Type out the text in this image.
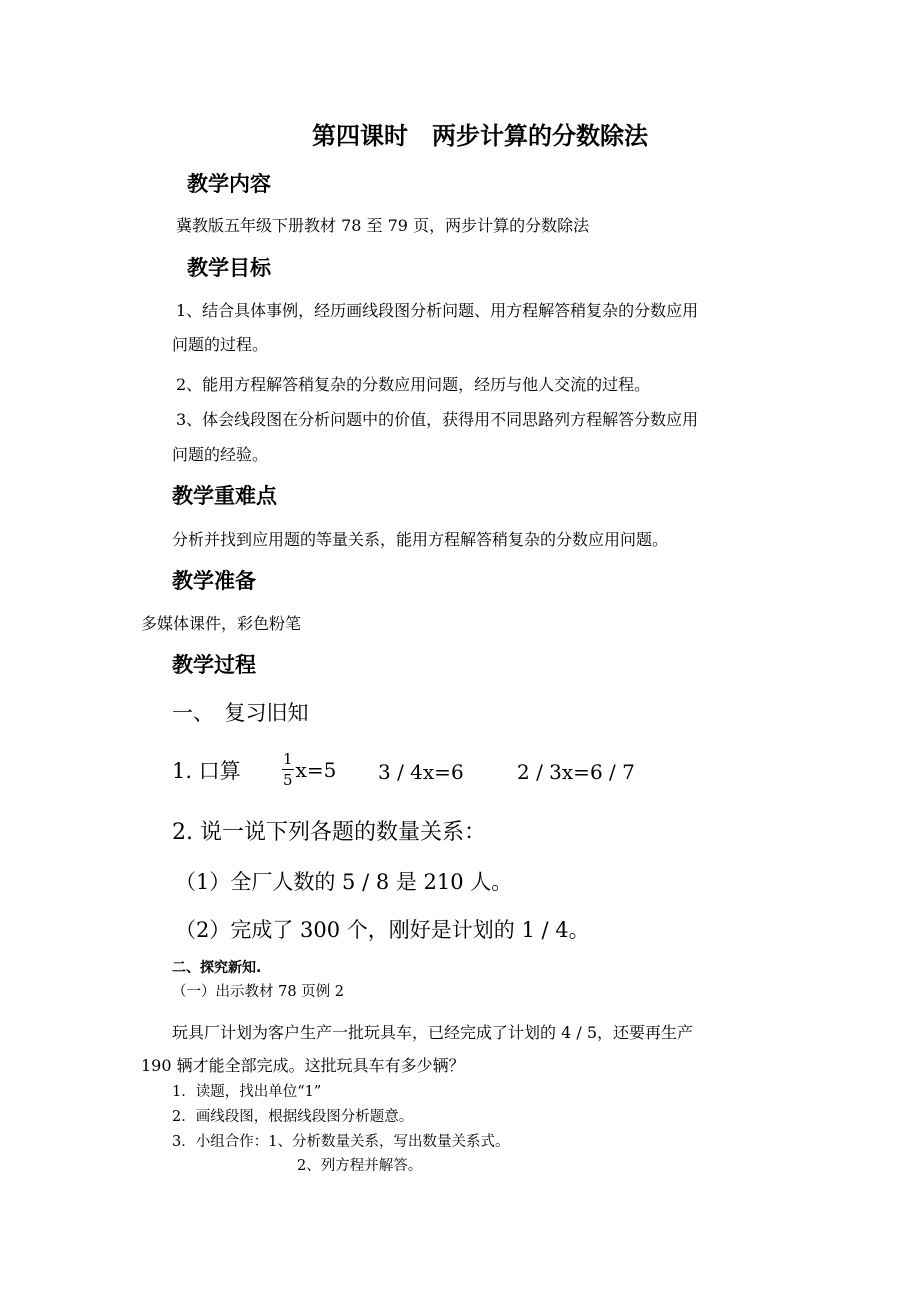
第四课时　两步计算的分数除法
教学内容
冀教版五年级下册教材 78 至 79 页，两步计算的分数除法
教学目标
1、结合具体事例，经历画线段图分析问题、用方程解答稍复杂的分数应用
问题的过程。
2、能用方程解答稍复杂的分数应用问题，经历与他人交流的过程。
3、体会线段图在分析问题中的价值，获得用不同思路列方程解答分数应用
问题的经验。
教学重难点
分析并找到应用题的等量关系，能用方程解答稍复杂的分数应用问题。
教学准备
多媒体课件，彩色粉笔
教学过程
一、　复习旧知
1. 口算	$\frac{1}{5} x=5$ 3 / 4x=6	2 / 3x=6 / 7
2. 说一说下列各题的数量关系：
（1）全厂人数的 5 / 8 是 210 人。
（2）完成了 300 个，刚好是计划的 1 / 4。
二、探究新知.
（一）出示教材 78 页例 2
玩具厂计划为客户生产一批玩具车，已经完成了计划的 4 / 5，还要再生产
190 辆才能全部完成。这批玩具车有多少辆？
1．读题，找出单位“1”
2．画线段图，根据线段图分析题意。
3．小组合作：1、分析数量关系，写出数量关系式。
2、列方程并解答。
